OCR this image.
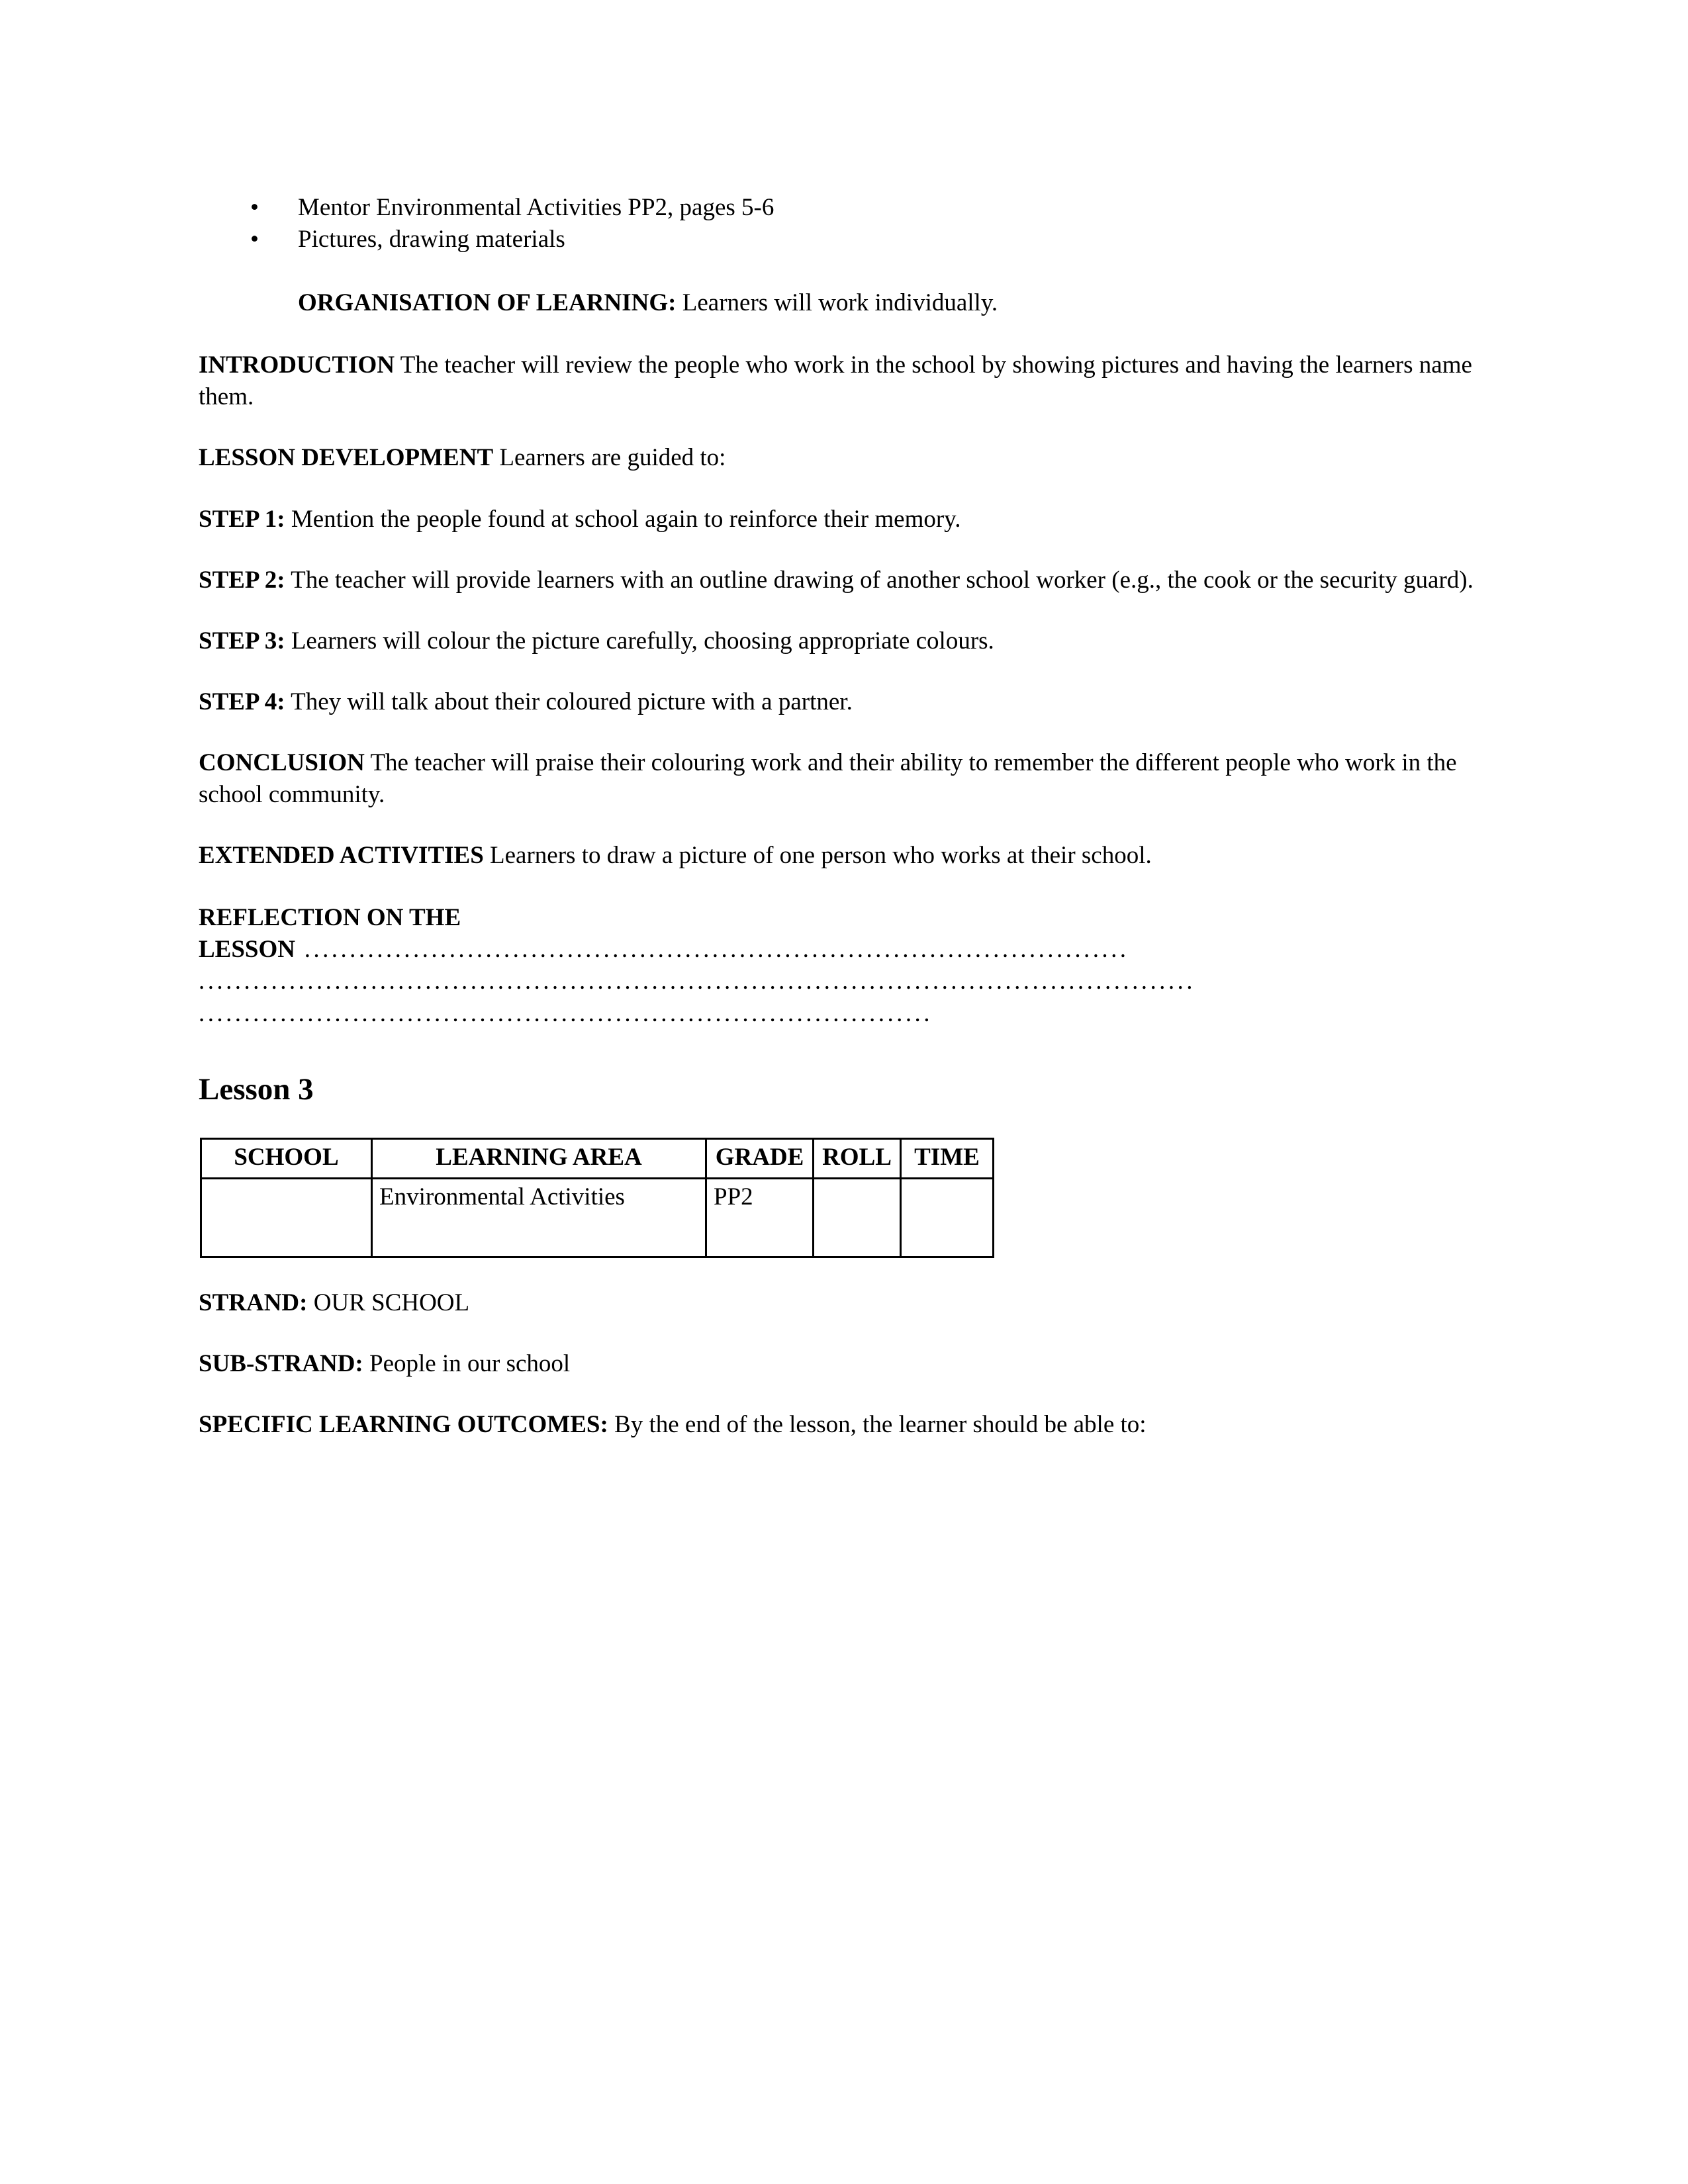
• Mentor Environmental Activities PP2, pages 5-6
• Pictures, drawing materials
ORGANISATION OF LEARNING: Learners will work individually.

INTRODUCTION The teacher will review the people who work in the school by showing pictures and having the learners name them.

LESSON DEVELOPMENT Learners are guided to:

STEP 1: Mention the people found at school again to reinforce their memory.

STEP 2: The teacher will provide learners with an outline drawing of another school worker (e.g., the cook or the security guard).

STEP 3: Learners will colour the picture carefully, choosing appropriate colours.

STEP 4: They will talk about their coloured picture with a partner.

CONCLUSION The teacher will praise their colouring work and their ability to remember the different people who work in the school community.

EXTENDED ACTIVITIES Learners to draw a picture of one person who works at their school.

REFLECTION ON THE
LESSON ...........................................................................................
..............................................................................................................
.................................................................................
Lesson 3
SCHOOL	LEARNING AREA	GRADE	ROLL	TIME
	Environmental Activities	PP2		

STRAND: OUR SCHOOL

SUB-STRAND: People in our school

SPECIFIC LEARNING OUTCOMES: By the end of the lesson, the learner should be able to:
